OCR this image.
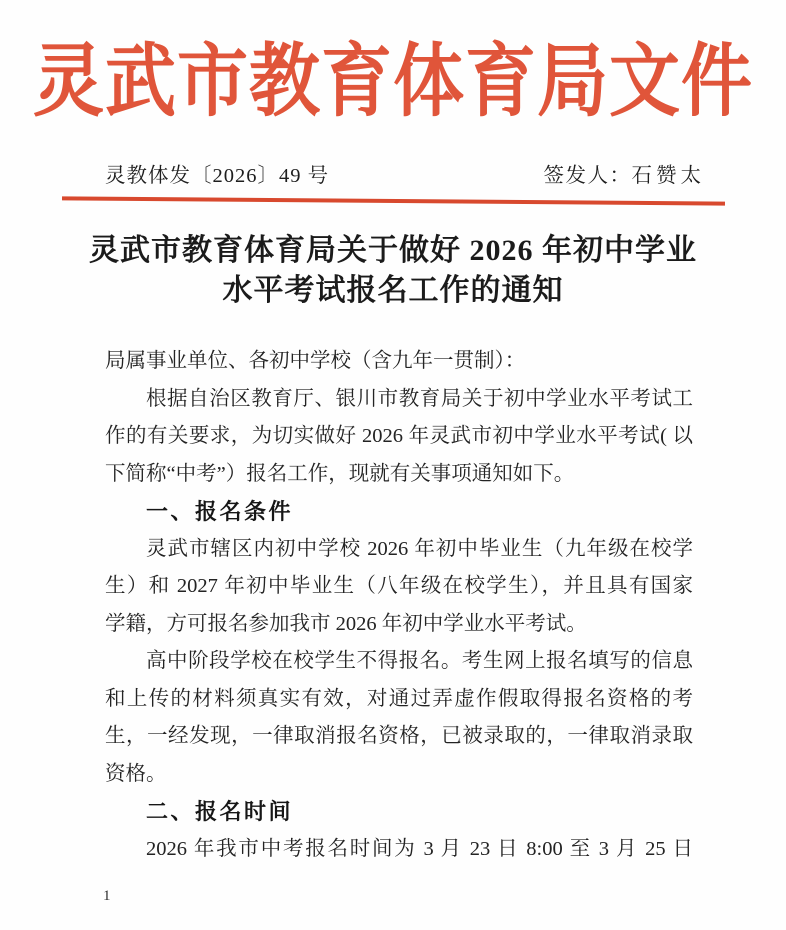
灵武市教育体育局文件
灵教体发〔2026〕49 号	签发人：石赞太
灵武市教育体育局关于做好 2026 年初中学业
水平考试报名工作的通知
局属事业单位、各初中学校（含九年一贯制）：
根据自治区教育厅、银川市教育局关于初中学业水平考试工
作的有关要求，为切实做好 2026 年灵武市初中学业水平考试( 以
下简称“中考”）报名工作，现就有关事项通知如下。
一、报名条件
灵武市辖区内初中学校 2026 年初中毕业生（九年级在校学
生）和 2027 年初中毕业生（八年级在校学生），并且具有国家
学籍，方可报名参加我市 2026 年初中学业水平考试。
高中阶段学校在校学生不得报名。考生网上报名填写的信息
和上传的材料须真实有效，对通过弄虚作假取得报名资格的考
生，一经发现，一律取消报名资格，已被录取的，一律取消录取
资格。
二、报名时间
2026 年我市中考报名时间为 3 月 23 日 8:00 至 3 月 25 日
1
